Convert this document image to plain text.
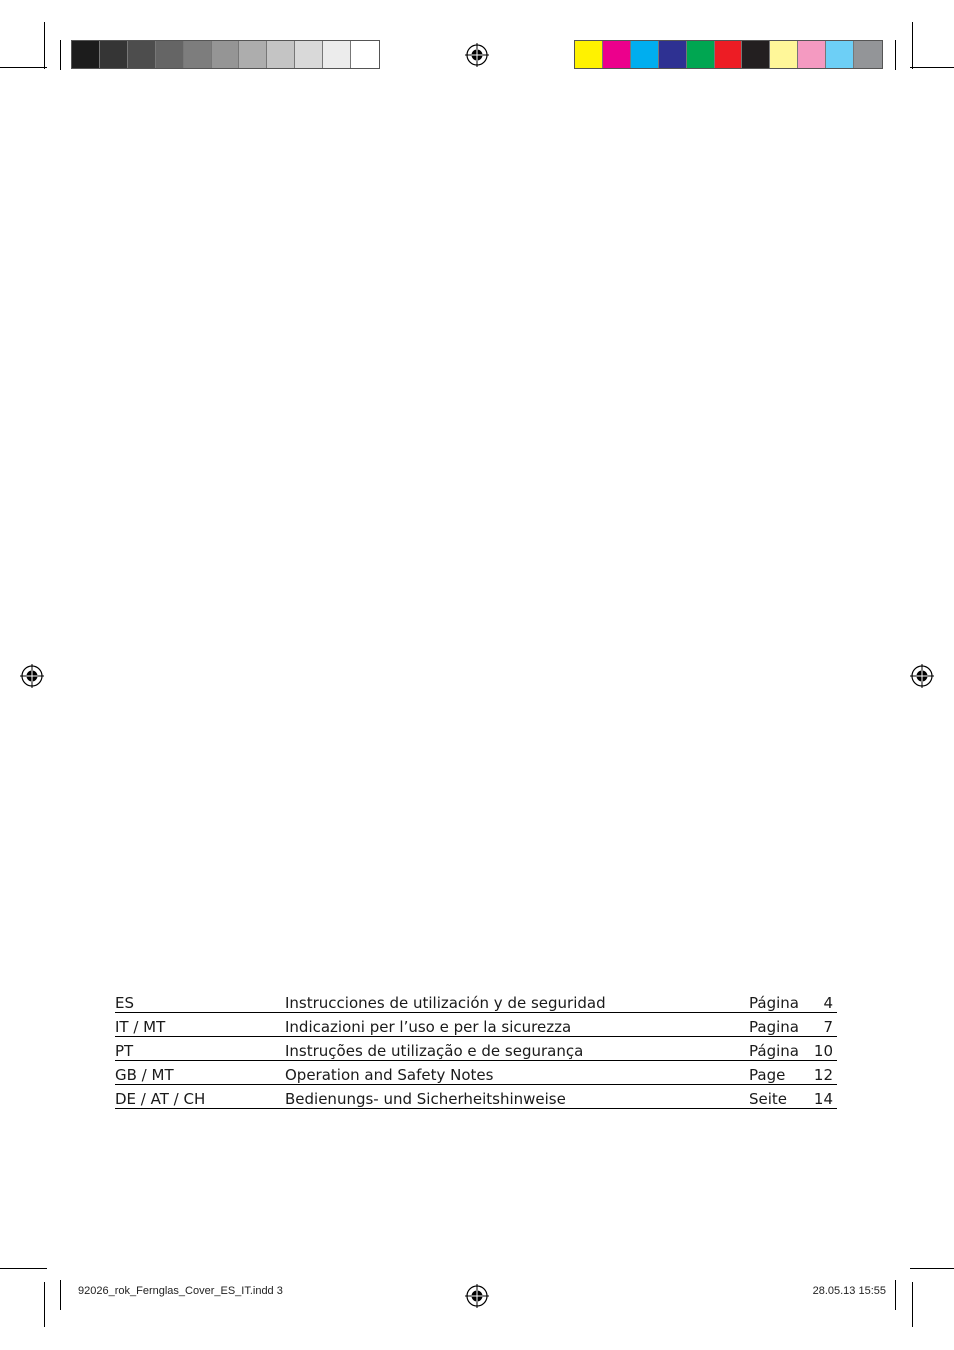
ES	Instrucciones de utilización y de seguridad	Página	4
IT / MT	Indicazioni per l’uso e per la sicurezza	Pagina	7
PT	Instruções de utilização e de segurança	Página	10
GB / MT	Operation and Safety Notes	Page	12
DE / AT / CH	Bedienungs- und Sicherheitshinweise	Seite	14
92026_rok_Fernglas_Cover_ES_IT.indd 3	28.05.13 15:55
